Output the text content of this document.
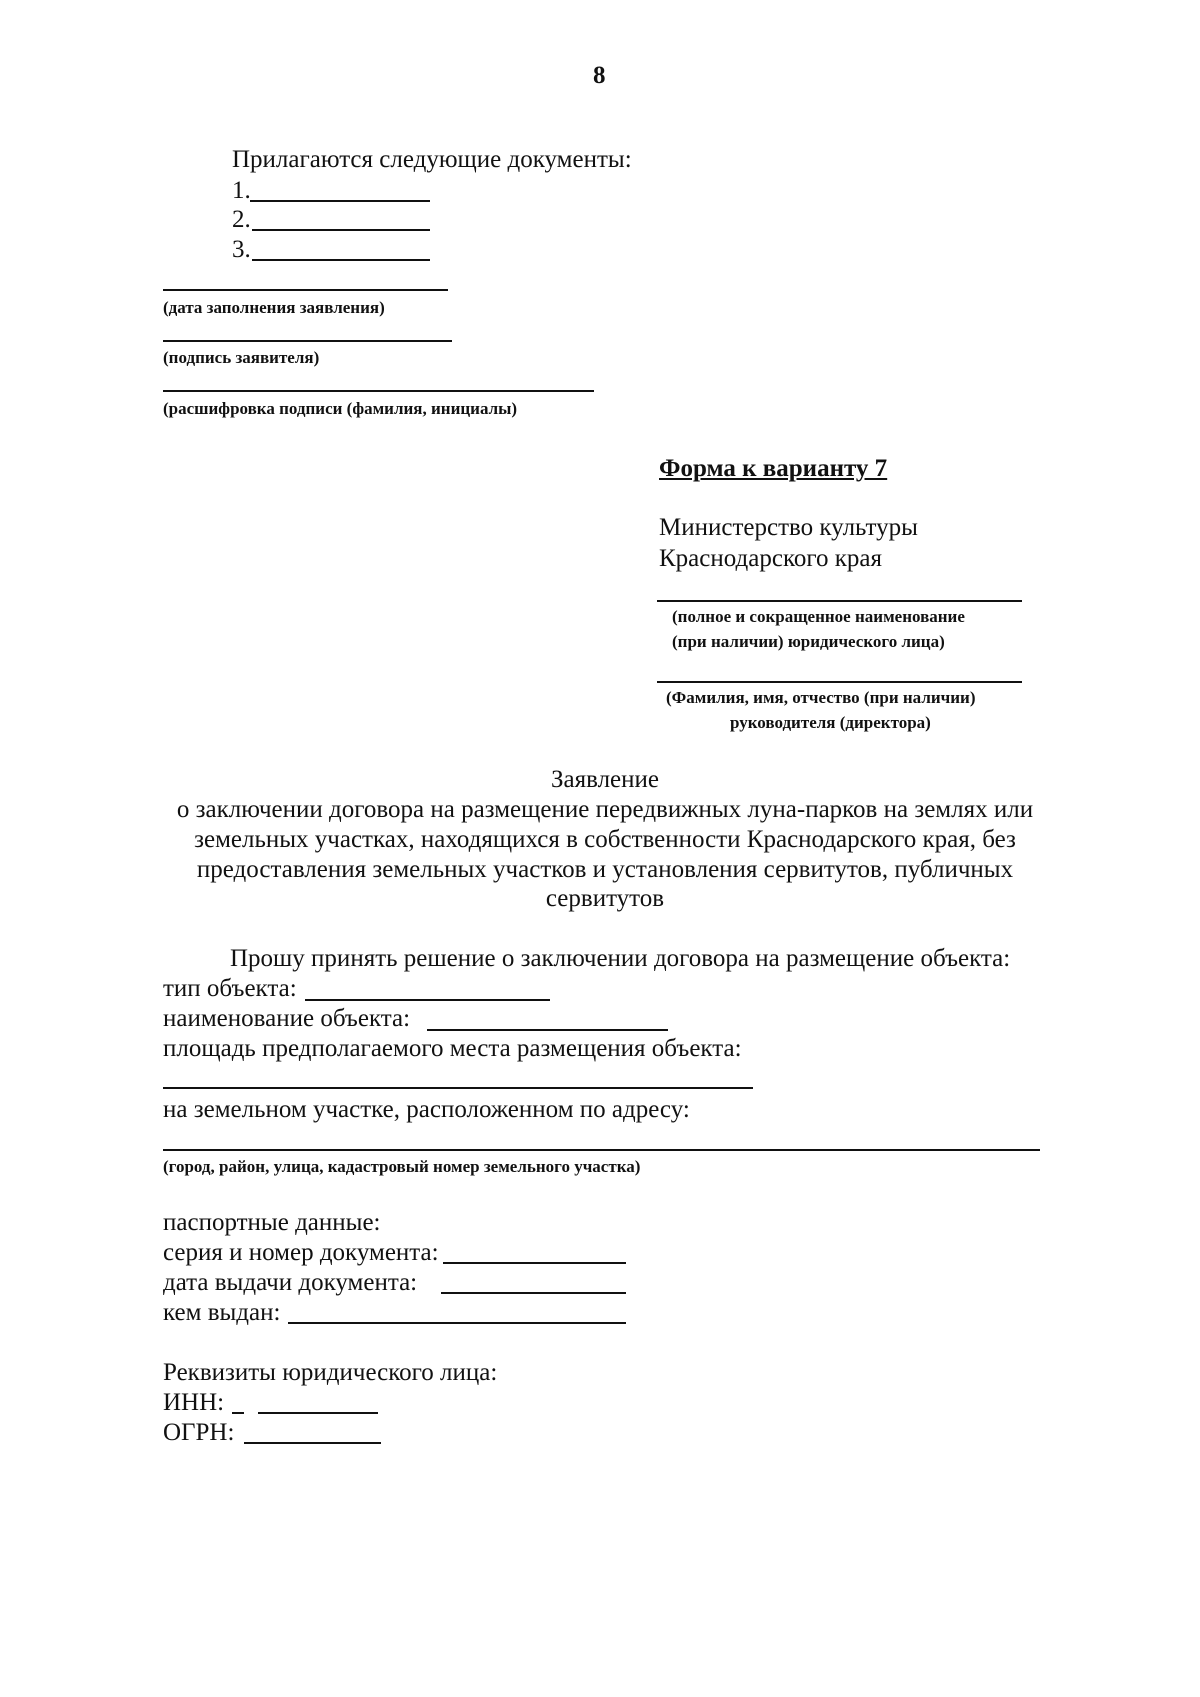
8
Прилагаются следующие документы:
1.
2.
3.
(дата заполнения заявления)
(подпись заявителя)
(расшифровка подписи (фамилия, инициалы)
Форма к варианту 7
Министерство культуры
Краснодарского края
(полное и сокращенное наименование
(при наличии) юридического лица)
(Фамилия, имя, отчество (при наличии)
руководителя (директора)
Заявление
о заключении договора на размещение передвижных луна-парков на землях или
земельных участках, находящихся в собственности Краснодарского края, без
предоставления земельных участков и установления сервитутов, публичных
сервитутов
Прошу принять решение о заключении договора на размещение объекта:
тип объекта:
наименование объекта:
площадь предполагаемого места размещения объекта:
на земельном участке, расположенном по адресу:
(город, район, улица, кадастровый номер земельного участка)
паспортные данные:
серия и номер документа:
дата выдачи документа:
кем выдан:
Реквизиты юридического лица:
ИНН:
ОГРН:
